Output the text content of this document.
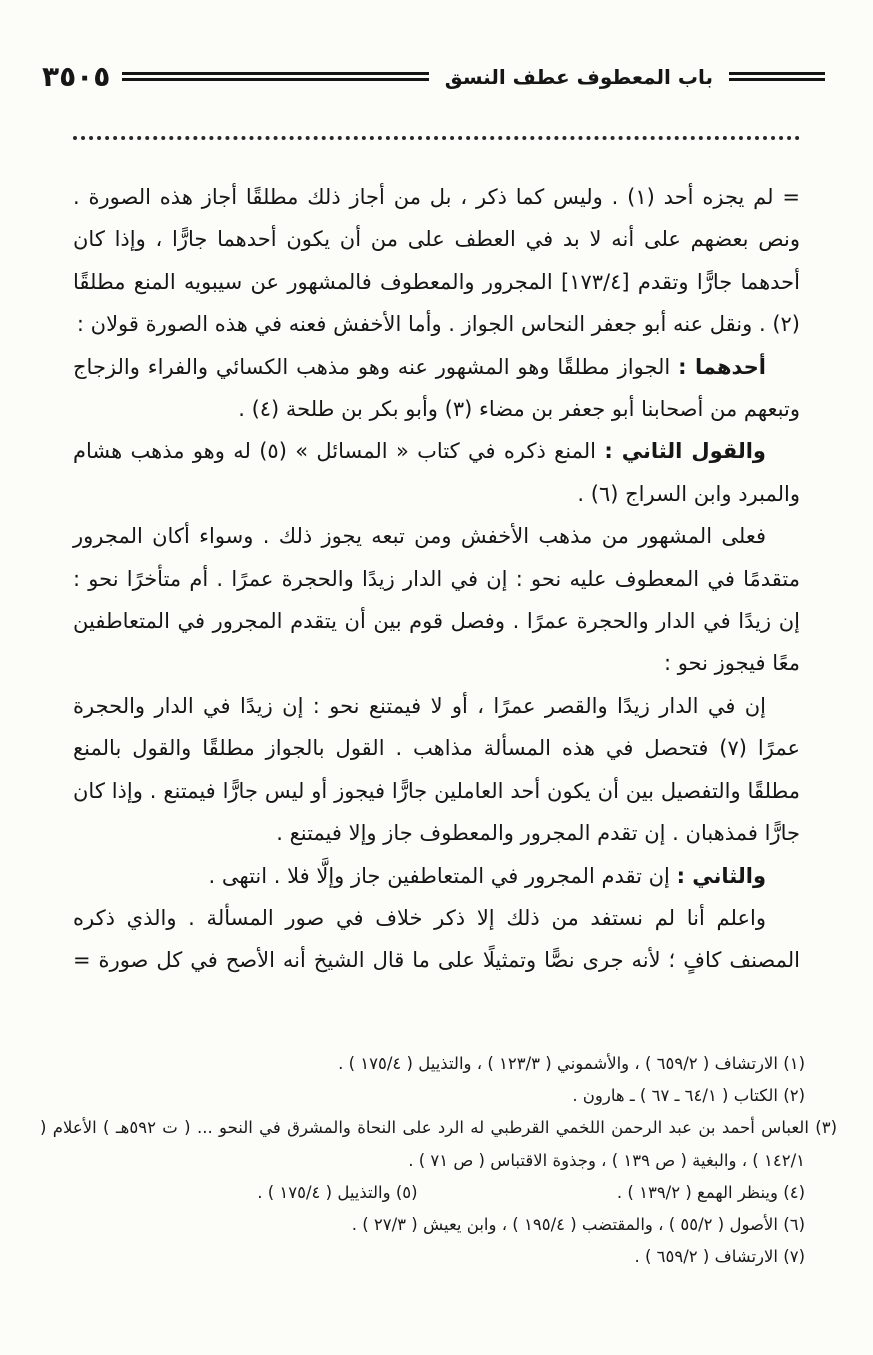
٣٥٠٥	باب المعطوف عطف النسق

= لم يجزه أحد (١) . وليس كما ذكر ، بل من أجاز ذلك مطلقًا أجاز هذه الصورة . ونص بعضهم على أنه لا بد في العطف على من أن يكون أحدهما جارًّا ، وإذا كان أحدهما جارًّا وتقدم [١٧٣/٤] المجرور والمعطوف فالمشهور عن سيبويه المنع مطلقًا (٢) . ونقل عنه أبو جعفر النحاس الجواز . وأما الأخفش فعنه في هذه الصورة قولان :

أحدهما : الجواز مطلقًا وهو المشهور عنه وهو مذهب الكسائي والفراء والزجاج وتبعهم من أصحابنا أبو جعفر بن مضاء (٣) وأبو بكر بن طلحة (٤) .

والقول الثاني : المنع ذكره في كتاب « المسائل » (٥) له وهو مذهب هشام والمبرد وابن السراج (٦) .

فعلى المشهور من مذهب الأخفش ومن تبعه يجوز ذلك . وسواء أكان المجرور متقدمًا في المعطوف عليه نحو : إن في الدار زيدًا والحجرة عمرًا . أم متأخرًا نحو : إن زيدًا في الدار والحجرة عمرًا . وفصل قوم بين أن يتقدم المجرور في المتعاطفين معًا فيجوز نحو :

إن في الدار زيدًا والقصر عمرًا ، أو لا فيمتنع نحو : إن زيدًا في الدار والحجرة عمرًا (٧) فتحصل في هذه المسألة مذاهب . القول بالجواز مطلقًا والقول بالمنع مطلقًا والتفصيل بين أن يكون أحد العاملين جارًّا فيجوز أو ليس جارًّا فيمتنع . وإذا كان جارًّا فمذهبان . إن تقدم المجرور والمعطوف جاز وإلا فيمتنع .

والثاني : إن تقدم المجرور في المتعاطفين جاز وإلَّا فلا . انتهى .

واعلم أنا لم نستفد من ذلك إلا ذكر خلاف في صور المسألة . والذي ذكره المصنف كافٍ ؛ لأنه جرى نصًّا وتمثيلًا على ما قال الشيخ أنه الأصح في كل صورة =

(١) الارتشاف ( ٦٥٩/٢ ) ، والأشموني ( ١٢٣/٣ ) ، والتذييل ( ١٧٥/٤ ) .

(٢) الكتاب ( ٦٤/١ ـ ٦٧ ) ـ هارون .

(٣) العباس أحمد بن عبد الرحمن اللخمي القرطبي له الرد على النحاة والمشرق في النحو ... ( ت ٥٩٢هـ ) الأعلام ( ١٤٢/١ ) ، والبغية ( ص ١٣٩ ) ، وجذوة الاقتباس ( ص ٧١ ) .

(٤) وينظر الهمع ( ١٣٩/٢ ) .

(٥) والتذييل ( ١٧٥/٤ ) .

(٦) الأصول ( ٥٥/٢ ) ، والمقتضب ( ١٩٥/٤ ) ، وابن يعيش ( ٢٧/٣ ) .

(٧) الارتشاف ( ٦٥٩/٢ ) .
